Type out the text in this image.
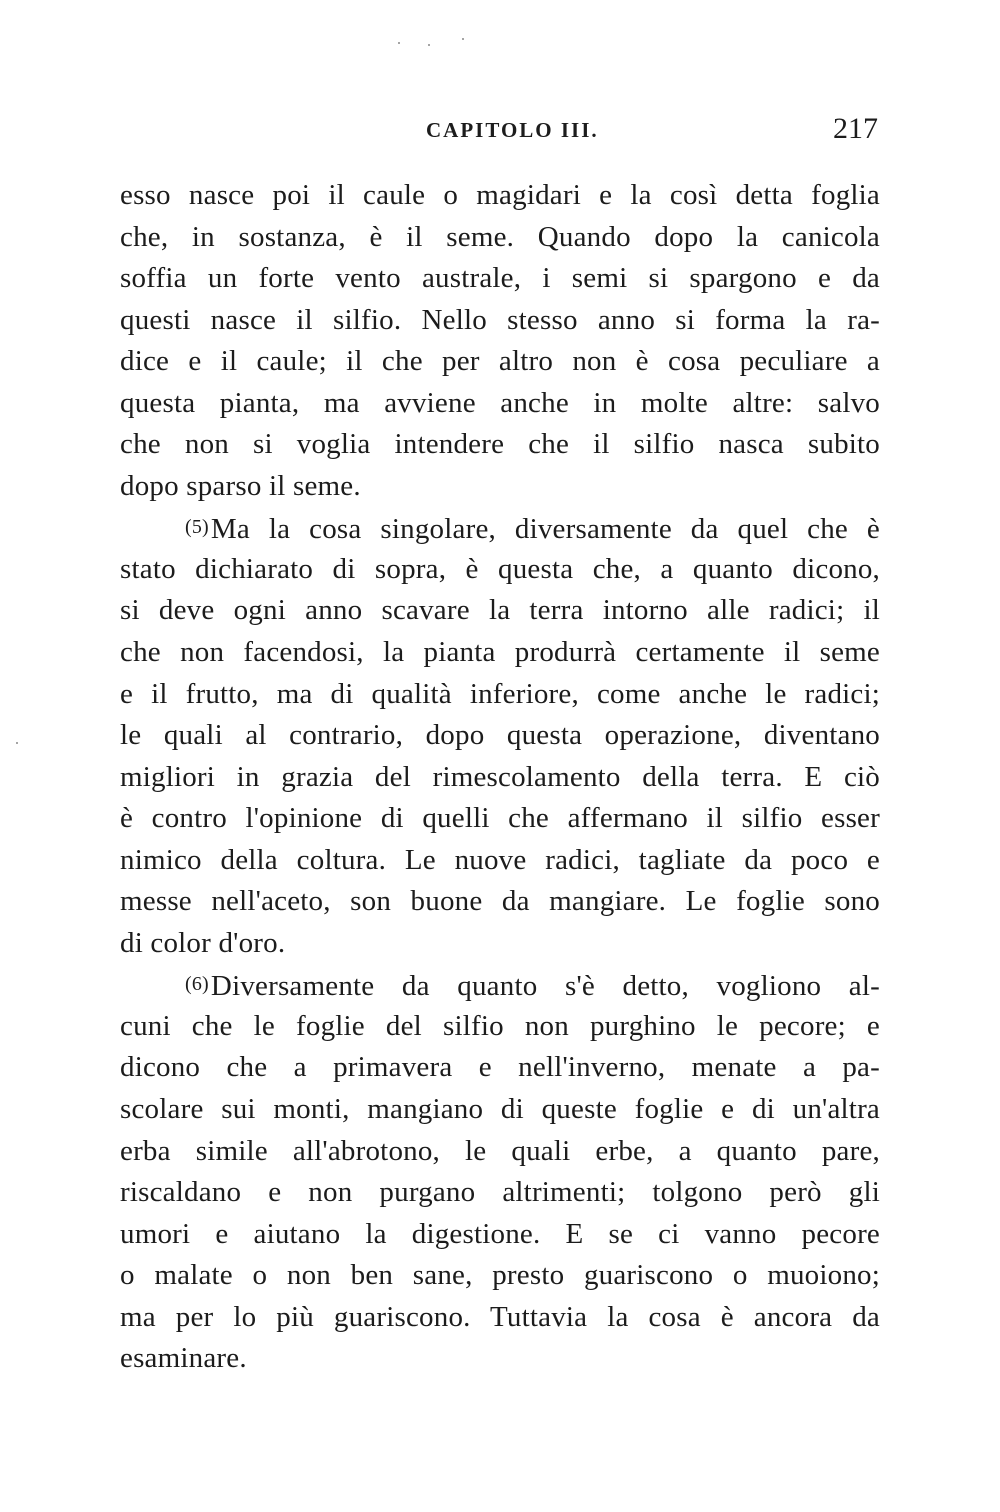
CAPITOLO III.	217
esso nasce poi il caule o magidari e la così detta foglia
che, in sostanza, è il seme. Quando dopo la canicola
soffia un forte vento australe, i semi si spargono e da
questi nasce il silfio. Nello stesso anno si forma la ra-
dice e il caule; il che per altro non è cosa peculiare a
questa pianta, ma avviene anche in molte altre: salvo
che non si voglia intendere che il silfio nasca subito
dopo sparso il seme.
(5)Ma la cosa singolare, diversamente da quel che è
stato dichiarato di sopra, è questa che, a quanto dicono,
si deve ogni anno scavare la terra intorno alle radici; il
che non facendosi, la pianta produrrà certamente il seme
e il frutto, ma di qualità inferiore, come anche le radici;
le quali al contrario, dopo questa operazione, diventano
migliori in grazia del rimescolamento della terra. E ciò
è contro l'opinione di quelli che affermano il silfio esser
nimico della coltura. Le nuove radici, tagliate da poco e
messe nell'aceto, son buone da mangiare. Le foglie sono
di color d'oro.
(6)Diversamente da quanto s'è detto, vogliono al-
cuni che le foglie del silfio non purghino le pecore; e
dicono che a primavera e nell'inverno, menate a pa-
scolare sui monti, mangiano di queste foglie e di un'altra
erba simile all'abrotono, le quali erbe, a quanto pare,
riscaldano e non purgano altrimenti; tolgono però gli
umori e aiutano la digestione. E se ci vanno pecore
o malate o non ben sane, presto guariscono o muoiono;
ma per lo più guariscono. Tuttavia la cosa è ancora da
esaminare.
